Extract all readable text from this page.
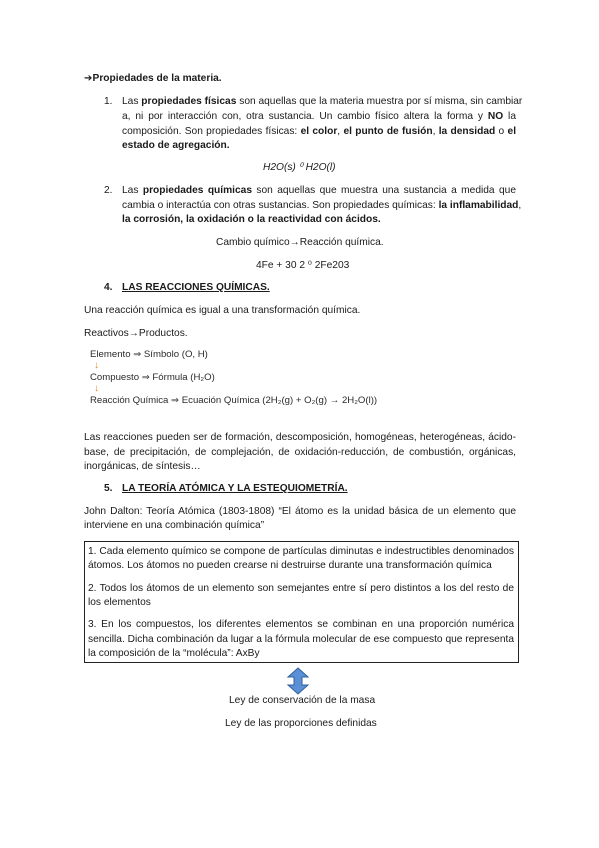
➔Propiedades de la materia.
1. Las propiedades físicas son aquellas que la materia muestra por sí misma, sin cambiar
a, ni por interacción con, otra sustancia. Un cambio físico altera la forma y NO la
composición. Son propiedades físicas: el color, el punto de fusión, la densidad o el
estado de agregación.
H2O(s) ⁰ H2O(l)
2. Las propiedades químicas son aquellas que muestra una sustancia a medida que
cambia o interactúa con otras sustancias. Son propiedades químicas: la inflamabilidad,
la corrosión, la oxidación o la reactividad con ácidos.
Cambio químico→Reacción química.
4Fe + 30 2 ⁰ 2Fe203
4. LAS REACCIONES QUÍMICAS.
Una reacción química es igual a una transformación química.
Reactivos→Productos.
Elemento ⇒ Símbolo (O, H)
↓
Compuesto ⇒ Fórmula (H₂O)
↓
Reacción Química ⇒ Ecuación Química (2H₂(g) + O₂(g) → 2H₂O(l))
Las reacciones pueden ser de formación, descomposición, homogéneas, heterogéneas, ácido-
base, de precipitación, de complejación, de oxidación-reducción, de combustión, orgánicas,
inorgánicas, de síntesis…
5. LA TEORÍA ATÓMICA Y LA ESTEQUIOMETRÍA.
John Dalton: Teoría Atómica (1803-1808) “El átomo es la unidad básica de un elemento que
interviene en una combinación química”
1. Cada elemento químico se compone de partículas diminutas e indestructibles denominados
átomos. Los átomos no pueden crearse ni destruirse durante una transformación química
2. Todos los átomos de un elemento son semejantes entre sí pero distintos a los del resto de
los elementos
3. En los compuestos, los diferentes elementos se combinan en una proporción numérica
sencilla. Dicha combinación da lugar a la fórmula molecular de ese compuesto que representa
la composición de la “molécula”: AxBy
Ley de conservación de la masa
Ley de las proporciones definidas
